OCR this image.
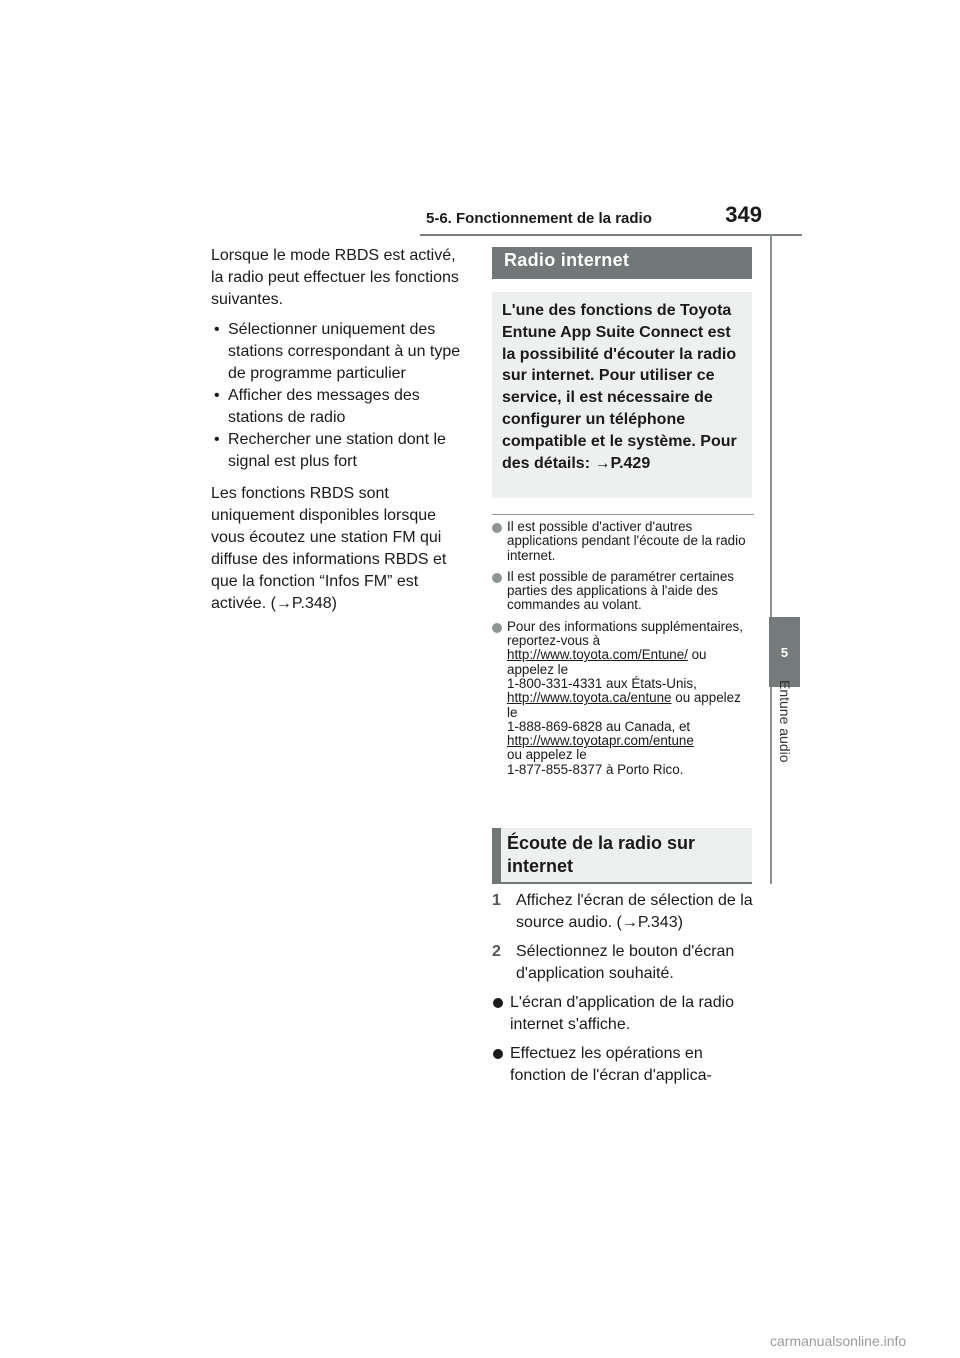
5-6. Fonctionnement de la radio	349
5
Entune audio

Lorsque le mode RBDS est activé, la radio peut effectuer les fonctions suivantes.

• Sélectionner uniquement des stations correspondant à un type de programme particulier
• Afficher des messages des stations de radio
• Rechercher une station dont le signal est plus fort

Les fonctions RBDS sont uniquement disponibles lorsque vous écoutez une station FM qui diffuse des informations RBDS et que la fonction “Infos FM” est activée. (→P.348)

Radio internet
L'une des fonctions de Toyota Entune App Suite Connect est la possibilité d'écouter la radio sur internet. Pour utiliser ce service, il est nécessaire de configurer un téléphone compatible et le système. Pour des détails: →P.429
Il est possible d'activer d'autres applications pendant l'écoute de la radio internet.
Il est possible de paramétrer certaines parties des applications à l'aide des commandes au volant.
Pour des informations supplémentaires, reportez-vous à
http://www.toyota.com/Entune/ ou appelez le
1-800-331-4331 aux États-Unis,
http://www.toyota.ca/entune ou appelez le
1-888-869-6828 au Canada, et
http://www.toyotapr.com/entune
ou appelez le
1-877-855-8377 à Porto Rico.
Écoute de la radio sur internet
1 Affichez l'écran de sélection de la source audio. (→P.343)
2 Sélectionnez le bouton d'écran d'application souhaité.
L'écran d'application de la radio internet s'affiche.
Effectuez les opérations en fonction de l'écran d'applica-
carmanualsonline.info
